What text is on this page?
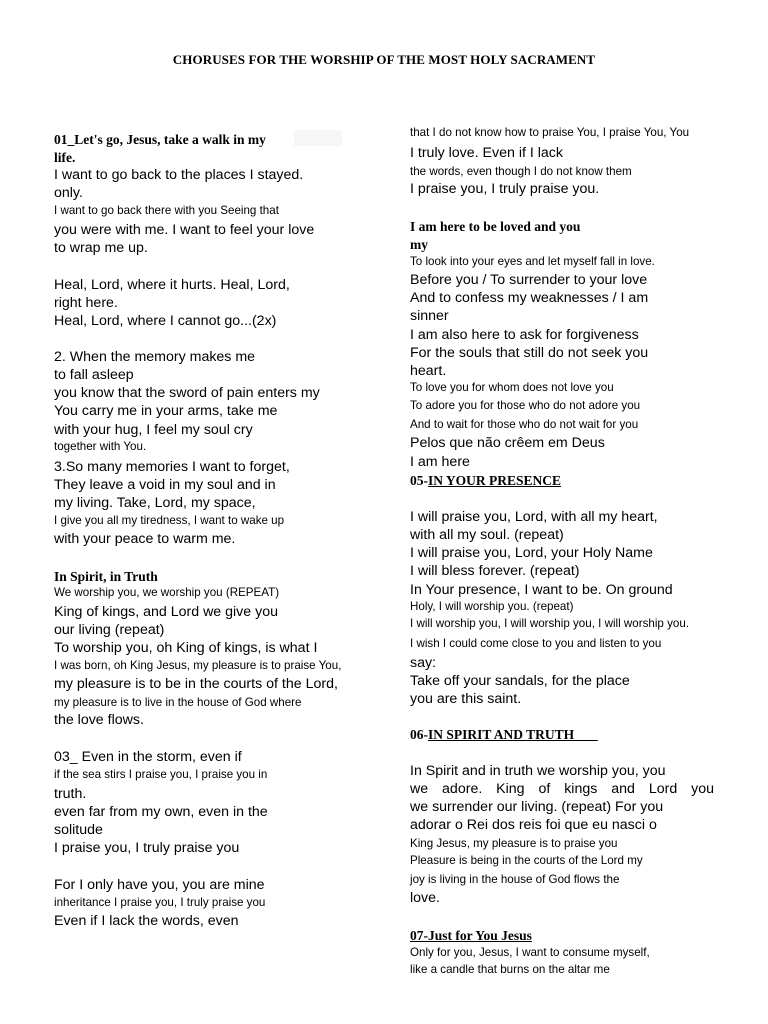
CHORUSES FOR THE WORSHIP OF THE MOST HOLY SACRAMENT
01_Let's go, Jesus, take a walk in my
life.
I want to go back to the places I stayed.
only.
I want to go back there with you Seeing that
you were with me. I want to feel your love
to wrap me up.
Heal, Lord, where it hurts. Heal, Lord,
right here.
Heal, Lord, where I cannot go...(2x)
2. When the memory makes me
to fall asleep
you know that the sword of pain enters my
You carry me in your arms, take me
with your hug, I feel my soul cry
together with You.
3.So many memories I want to forget,
They leave a void in my soul and in
my living. Take, Lord, my space,
I give you all my tiredness, I want to wake up
with your peace to warm me.
In Spirit, in Truth
We worship you, we worship you (REPEAT)
King of kings, and Lord we give you
our living (repeat)
To worship you, oh King of kings, is what I
I was born, oh King Jesus, my pleasure is to praise You,
my pleasure is to be in the courts of the Lord,
my pleasure is to live in the house of God where
the love flows.
03_ Even in the storm, even if
if the sea stirs I praise you, I praise you in
truth.
even far from my own, even in the
solitude
I praise you, I truly praise you
For I only have you, you are mine
inheritance I praise you, I truly praise you
Even if I lack the words, even
that I do not know how to praise You, I praise You, You
I truly love. Even if I lack
the words, even though I do not know them
I praise you, I truly praise you.
I am here to be loved and you
my
To look into your eyes and let myself fall in love.
Before you / To surrender to your love
And to confess my weaknesses / I am
sinner
I am also here to ask for forgiveness
For the souls that still do not seek you
heart.
To love you for whom does not love you
To adore you for those who do not adore you
And to wait for those who do not wait for you
Pelos que não crêem em Deus
I am here
05-IN YOUR PRESENCE
I will praise you, Lord, with all my heart,
with all my soul. (repeat)
I will praise you, Lord, your Holy Name
I will bless forever. (repeat)
In Your presence, I want to be. On ground
Holy, I will worship you. (repeat)
I will worship you, I will worship you, I will worship you.
I wish I could come close to you and listen to you
say:
Take off your sandals, for the place
you are this saint.
06-IN SPIRIT AND TRUTH
In Spirit and in truth we worship you, you
we adore. King of kings and Lord you
we surrender our living. (repeat) For you
adorar o Rei dos reis foi que eu nasci o
King Jesus, my pleasure is to praise you
Pleasure is being in the courts of the Lord my
joy is living in the house of God flows the
love.
07-Just for You Jesus
Only for you, Jesus, I want to consume myself,
like a candle that burns on the altar me
